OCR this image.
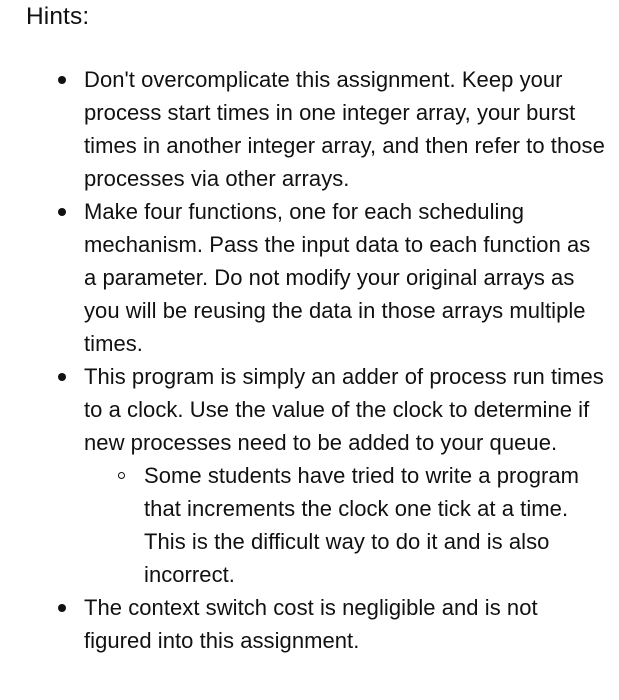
Hints:
Don't overcomplicate this assignment. Keep your process start times in one integer array, your burst times in another integer array, and then refer to those processes via other arrays.
Make four functions, one for each scheduling mechanism. Pass the input data to each function as a parameter. Do not modify your original arrays as you will be reusing the data in those arrays multiple times.
This program is simply an adder of process run times to a clock. Use the value of the clock to determine if new processes need to be added to your queue.
Some students have tried to write a program that increments the clock one tick at a time. This is the difficult way to do it and is also incorrect.
The context switch cost is negligible and is not figured into this assignment.
